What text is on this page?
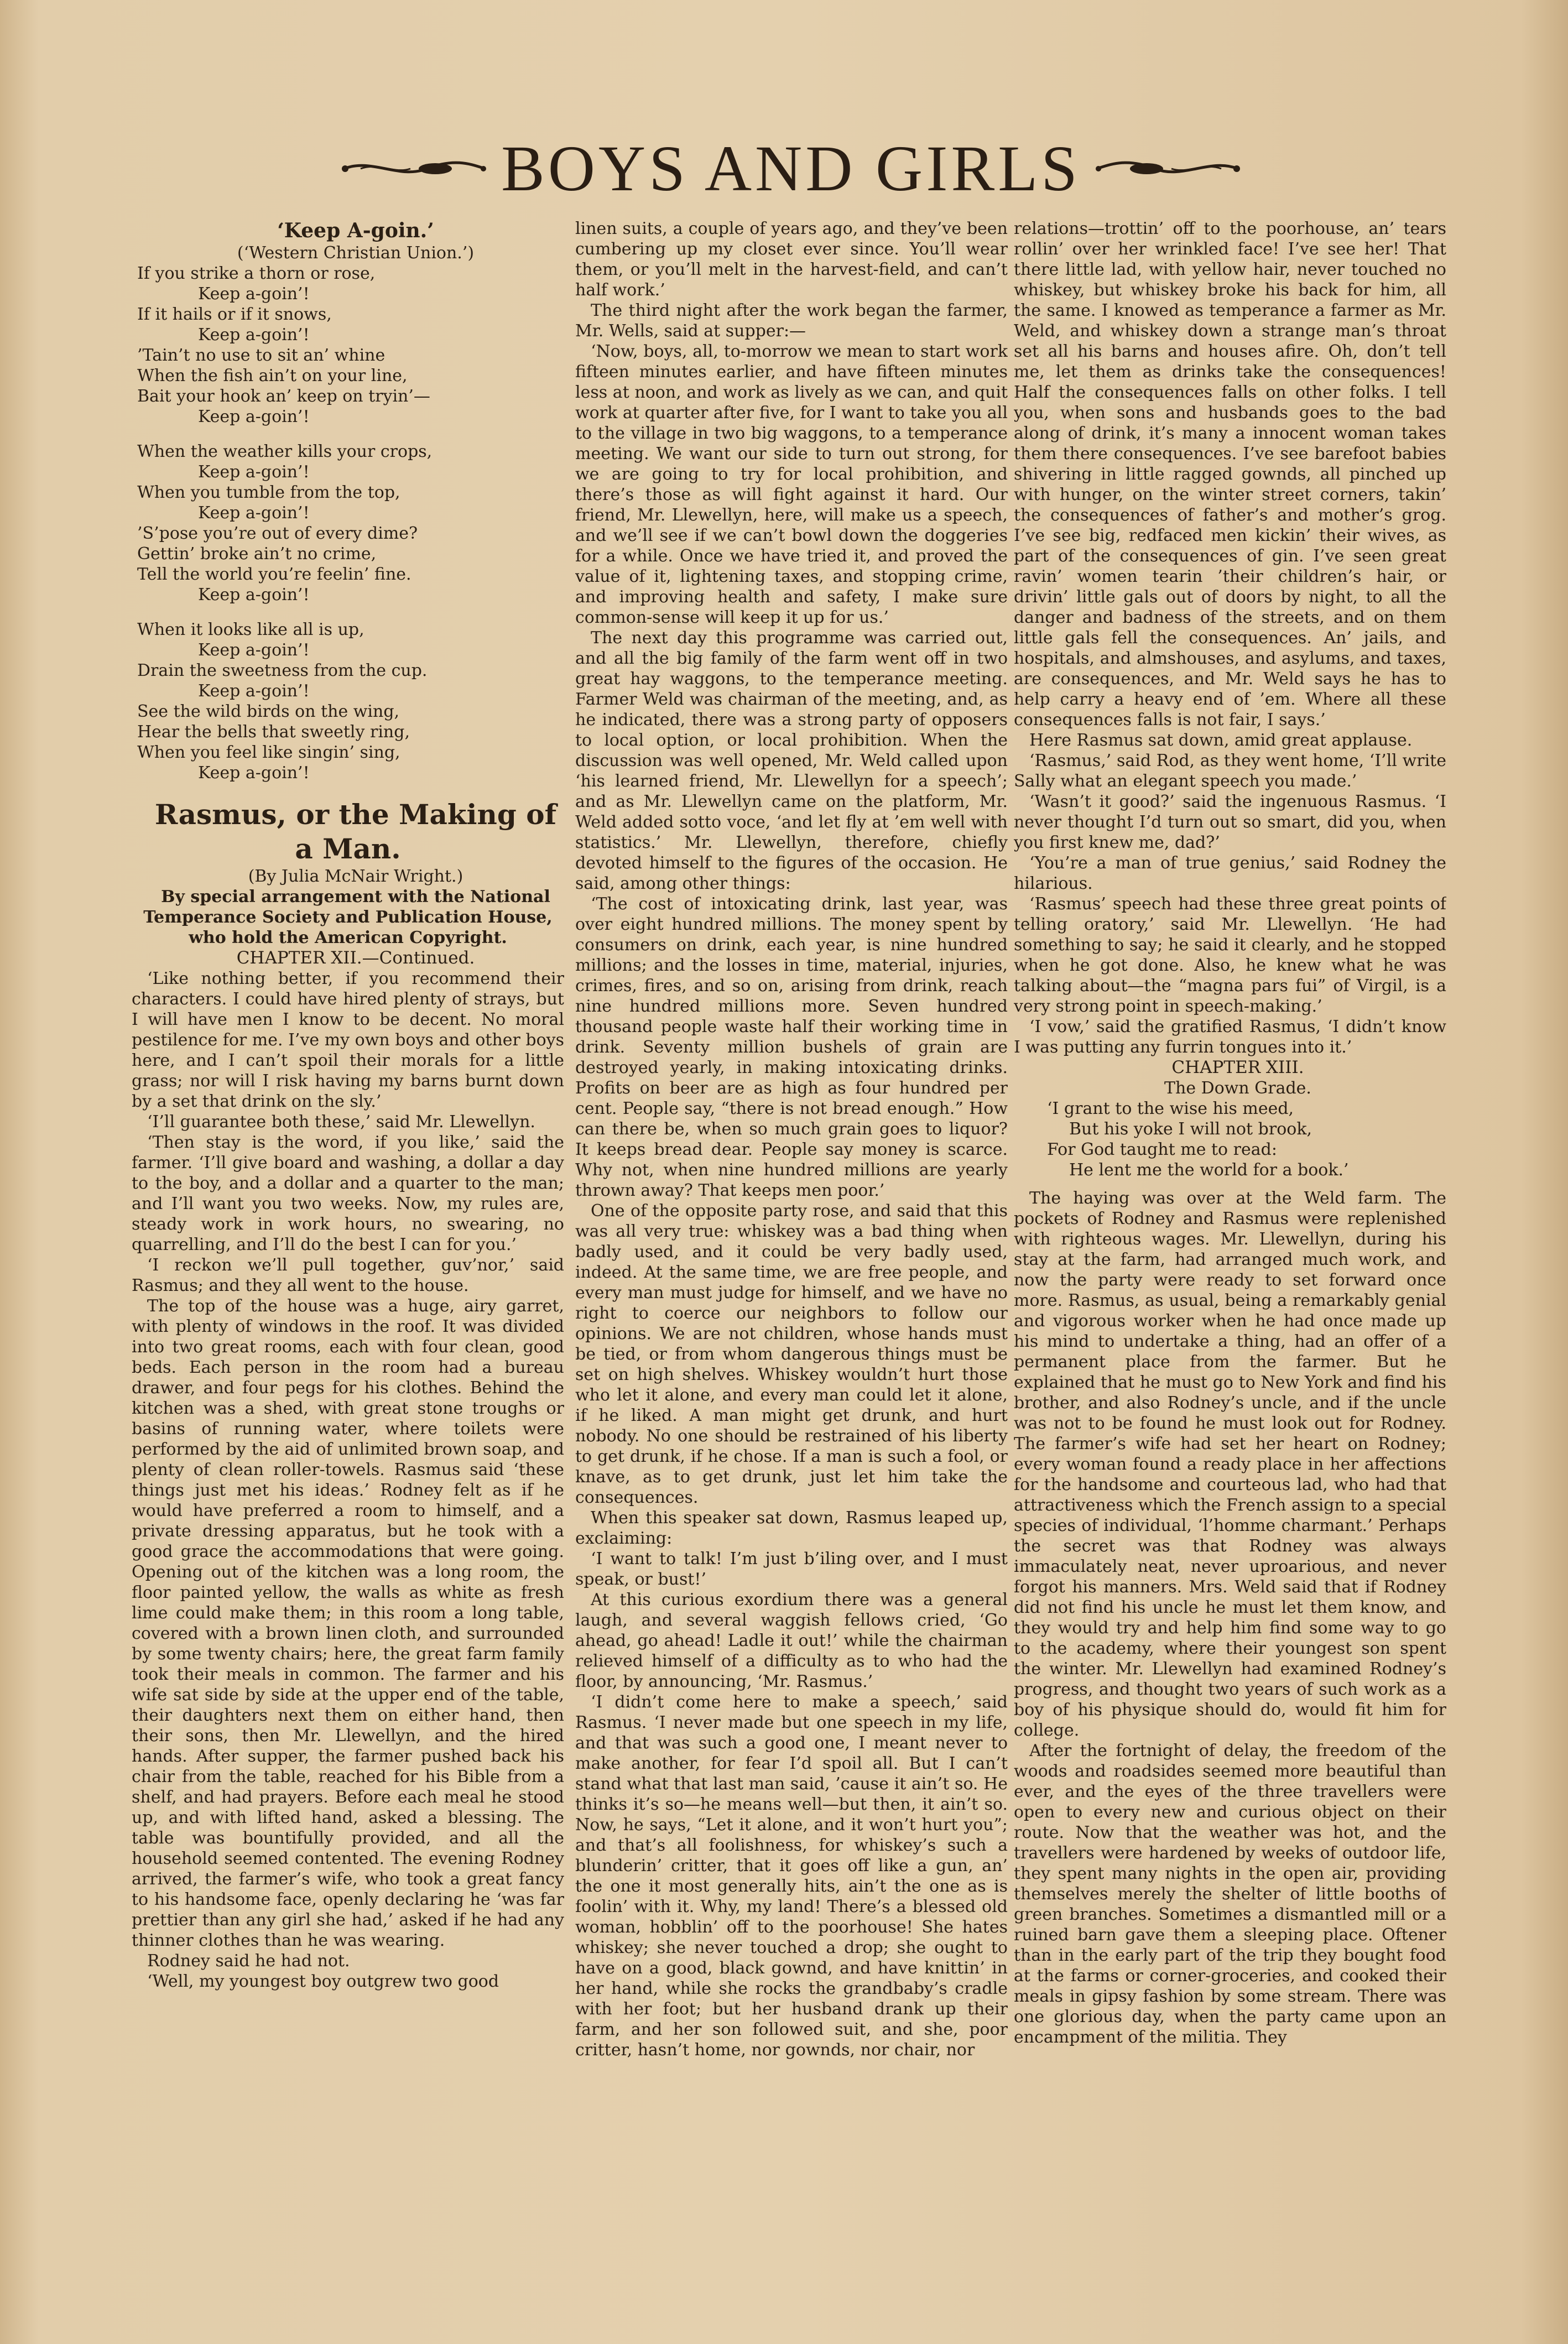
BOYS AND GIRLS

‘Keep A-goin.’

(‘Western Christian Union.’)

If you strike a thorn or rose,
Keep a-goin’!
If it hails or if it snows,
Keep a-goin’!
’Tain’t no use to sit an’ whine
When the fish ain’t on your line,
Bait your hook an’ keep on tryin’—
Keep a-goin’!
When the weather kills your crops,
Keep a-goin’!
When you tumble from the top,
Keep a-goin’!
’S’pose you’re out of every dime?
Gettin’ broke ain’t no crime,
Tell the world you’re feelin’ fine.
Keep a-goin’!
When it looks like all is up,
Keep a-goin’!
Drain the sweetness from the cup.
Keep a-goin’!
See the wild birds on the wing,
Hear the bells that sweetly ring,
When you feel like singin’ sing,
Keep a-goin’!

Rasmus, or the Making of a Man.

(By Julia McNair Wright.)

By special arrangement with the National Temperance Society and Publication House, who hold the American Copyright.

CHAPTER XII.—Continued.

‘Like nothing better, if you recommend their characters. I could have hired plenty of strays, but I will have men I know to be decent. No moral pestilence for me. I’ve my own boys and other boys here, and I can’t spoil their morals for a little grass; nor will I risk having my barns burnt down by a set that drink on the sly.’

‘I’ll guarantee both these,’ said Mr. Llewellyn.

‘Then stay is the word, if you like,’ said the farmer. ‘I’ll give board and washing, a dollar a day to the boy, and a dollar and a quarter to the man; and I’ll want you two weeks. Now, my rules are, steady work in work hours, no swearing, no quarrelling, and I’ll do the best I can for you.’

‘I reckon we’ll pull together, guv’nor,’ said Rasmus; and they all went to the house.

The top of the house was a huge, airy garret, with plenty of windows in the roof. It was divided into two great rooms, each with four clean, good beds. Each person in the room had a bureau drawer, and four pegs for his clothes. Behind the kitchen was a shed, with great stone troughs or basins of running water, where toilets were performed by the aid of unlimited brown soap, and plenty of clean roller-towels. Rasmus said ‘these things just met his ideas.’ Rodney felt as if he would have preferred a room to himself, and a private dressing apparatus, but he took with a good grace the accommodations that were going. Opening out of the kitchen was a long room, the floor painted yellow, the walls as white as fresh lime could make them; in this room a long table, covered with a brown linen cloth, and surrounded by some twenty chairs; here, the great farm family took their meals in common. The farmer and his wife sat side by side at the upper end of the table, their daughters next them on either hand, then their sons, then Mr. Llewellyn, and the hired hands. After supper, the farmer pushed back his chair from the table, reached for his Bible from a shelf, and had prayers. Before each meal he stood up, and with lifted hand, asked a blessing. The table was bountifully provided, and all the household seemed contented. The evening Rodney arrived, the farmer’s wife, who took a great fancy to his handsome face, openly declaring he ‘was far prettier than any girl she had,’ asked if he had any thinner clothes than he was wearing.

Rodney said he had not.

‘Well, my youngest boy outgrew two good

linen suits, a couple of years ago, and they’ve been cumbering up my closet ever since. You’ll wear them, or you’ll melt in the harvest-field, and can’t half work.’

The third night after the work began the farmer, Mr. Wells, said at supper:—

‘Now, boys, all, to-morrow we mean to start work fifteen minutes earlier, and have fifteen minutes less at noon, and work as lively as we can, and quit work at quarter after five, for I want to take you all to the village in two big waggons, to a temperance meeting. We want our side to turn out strong, for we are going to try for local prohibition, and there’s those as will fight against it hard. Our friend, Mr. Llewellyn, here, will make us a speech, and we’ll see if we can’t bowl down the doggeries for a while. Once we have tried it, and proved the value of it, lightening taxes, and stopping crime, and improving health and safety, I make sure common-sense will keep it up for us.’

The next day this programme was carried out, and all the big family of the farm went off in two great hay waggons, to the temperance meeting. Farmer Weld was chairman of the meeting, and, as he indicated, there was a strong party of opposers to local option, or local prohibition. When the discussion was well opened, Mr. Weld called upon ‘his learned friend, Mr. Llewellyn for a speech’; and as Mr. Llewellyn came on the platform, Mr. Weld added sotto voce, ‘and let fly at ’em well with statistics.’ Mr. Llewellyn, therefore, chiefly devoted himself to the figures of the occasion. He said, among other things:

‘The cost of intoxicating drink, last year, was over eight hundred millions. The money spent by consumers on drink, each year, is nine hundred millions; and the losses in time, material, injuries, crimes, fires, and so on, arising from drink, reach nine hundred millions more. Seven hundred thousand people waste half their working time in drink. Seventy million bushels of grain are destroyed yearly, in making intoxicating drinks. Profits on beer are as high as four hundred per cent. People say, “there is not bread enough.” How can there be, when so much grain goes to liquor? It keeps bread dear. People say money is scarce. Why not, when nine hundred millions are yearly thrown away? That keeps men poor.’

One of the opposite party rose, and said that this was all very true: whiskey was a bad thing when badly used, and it could be very badly used, indeed. At the same time, we are free people, and every man must judge for himself, and we have no right to coerce our neighbors to follow our opinions. We are not children, whose hands must be tied, or from whom dangerous things must be set on high shelves. Whiskey wouldn’t hurt those who let it alone, and every man could let it alone, if he liked. A man might get drunk, and hurt nobody. No one should be restrained of his liberty to get drunk, if he chose. If a man is such a fool, or knave, as to get drunk, just let him take the consequences.

When this speaker sat down, Rasmus leaped up, exclaiming:

‘I want to talk! I’m just b’iling over, and I must speak, or bust!’

At this curious exordium there was a general laugh, and several waggish fellows cried, ‘Go ahead, go ahead! Ladle it out!’ while the chairman relieved himself of a difficulty as to who had the floor, by announcing, ‘Mr. Rasmus.’

‘I didn’t come here to make a speech,’ said Rasmus. ‘I never made but one speech in my life, and that was such a good one, I meant never to make another, for fear I’d spoil all. But I can’t stand what that last man said, ’cause it ain’t so. He thinks it’s so—he means well—but then, it ain’t so. Now, he says, “Let it alone, and it won’t hurt you”; and that’s all foolishness, for whiskey’s such a blunderin’ critter, that it goes off like a gun, an’ the one it most generally hits, ain’t the one as is foolin’ with it. Why, my land! There’s a blessed old woman, hobblin’ off to the poorhouse! She hates whiskey; she never touched a drop; she ought to have on a good, black gownd, and have knittin’ in her hand, while she rocks the grandbaby’s cradle with her foot; but her husband drank up their farm, and her son followed suit, and she, poor critter, hasn’t home, nor gownds, nor chair, nor

relations—trottin’ off to the poorhouse, an’ tears rollin’ over her wrinkled face! I’ve see her! That there little lad, with yellow hair, never touched no whiskey, but whiskey broke his back for him, all the same. I knowed as temperance a farmer as Mr. Weld, and whiskey down a strange man’s throat set all his barns and houses afire. Oh, don’t tell me, let them as drinks take the consequences! Half the consequences falls on other folks. I tell you, when sons and husbands goes to the bad along of drink, it’s many a innocent woman takes them there consequences. I’ve see barefoot babies shivering in little ragged gownds, all pinched up with hunger, on the winter street corners, takin’ the consequences of father’s and mother’s grog. I’ve see big, redfaced men kickin’ their wives, as part of the consequences of gin. I’ve seen great ravin’ women tearin ’their children’s hair, or drivin’ little gals out of doors by night, to all the danger and badness of the streets, and on them little gals fell the consequences. An’ jails, and hospitals, and almshouses, and asylums, and taxes, are consequences, and Mr. Weld says he has to help carry a heavy end of ’em. Where all these consequences falls is not fair, I says.’

Here Rasmus sat down, amid great applause.

‘Rasmus,’ said Rod, as they went home, ‘I’ll write Sally what an elegant speech you made.’

‘Wasn’t it good?’ said the ingenuous Rasmus. ‘I never thought I’d turn out so smart, did you, when you first knew me, dad?’

‘You’re a man of true genius,’ said Rodney the hilarious.

‘Rasmus’ speech had these three great points of telling oratory,’ said Mr. Llewellyn. ‘He had something to say; he said it clearly, and he stopped when he got done. Also, he knew what he was talking about—the “magna pars fui” of Virgil, is a very strong point in speech-making.’

‘I vow,’ said the gratified Rasmus, ‘I didn’t know I was putting any furrin tongues into it.’

CHAPTER XIII.

The Down Grade.

‘I grant to the wise his meed,
But his yoke I will not brook,
For God taught me to read:
He lent me the world for a book.’

The haying was over at the Weld farm. The pockets of Rodney and Rasmus were replenished with righteous wages. Mr. Llewellyn, during his stay at the farm, had arranged much work, and now the party were ready to set forward once more. Rasmus, as usual, being a remarkably genial and vigorous worker when he had once made up his mind to undertake a thing, had an offer of a permanent place from the farmer. But he explained that he must go to New York and find his brother, and also Rodney’s uncle, and if the uncle was not to be found he must look out for Rodney. The farmer’s wife had set her heart on Rodney; every woman found a ready place in her affections for the handsome and courteous lad, who had that attractiveness which the French assign to a special species of individual, ‘l’homme charmant.’ Perhaps the secret was that Rodney was always immaculately neat, never uproarious, and never forgot his manners. Mrs. Weld said that if Rodney did not find his uncle he must let them know, and they would try and help him find some way to go to the academy, where their youngest son spent the winter. Mr. Llewellyn had examined Rodney’s progress, and thought two years of such work as a boy of his physique should do, would fit him for college.

After the fortnight of delay, the freedom of the woods and roadsides seemed more beautiful than ever, and the eyes of the three travellers were open to every new and curious object on their route. Now that the weather was hot, and the travellers were hardened by weeks of outdoor life, they spent many nights in the open air, providing themselves merely the shelter of little booths of green branches. Sometimes a dismantled mill or a ruined barn gave them a sleeping place. Oftener than in the early part of the trip they bought food at the farms or corner-groceries, and cooked their meals in gipsy fashion by some stream. There was one glorious day, when the party came upon an encampment of the militia. They
